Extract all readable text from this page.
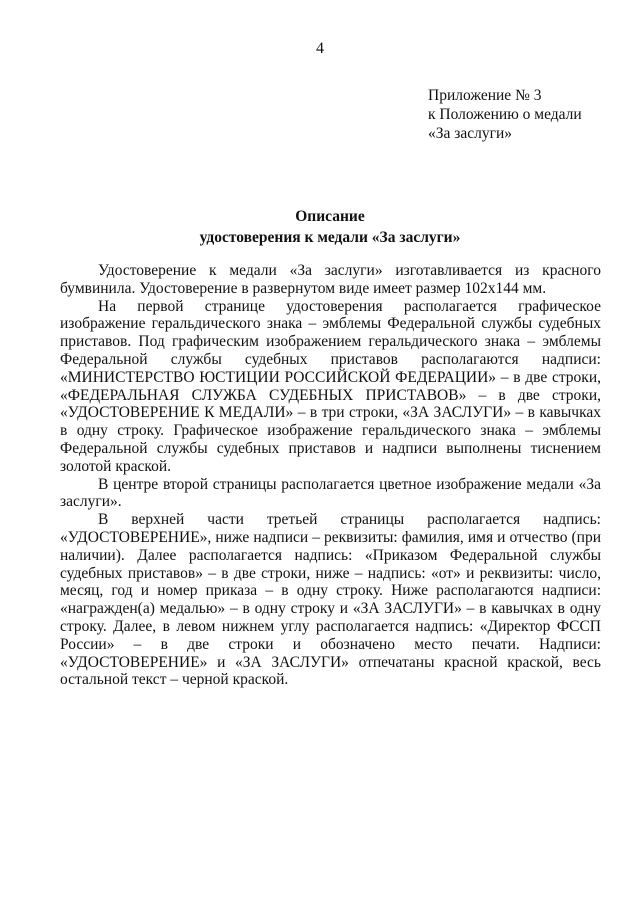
4
Приложение № 3
к Положению о медали
«За заслуги»
Описание
удостоверения к медали «За заслуги»

Удостоверение к медали «За заслуги» изготавливается из красного бумвинила. Удостоверение в развернутом виде имеет размер 102х144 мм.

На первой странице удостоверения располагается графическое изображение геральдического знака – эмблемы Федеральной службы судебных приставов. Под графическим изображением геральдического знака – эмблемы Федеральной службы судебных приставов располагаются надписи: «МИНИСТЕРСТВО ЮСТИЦИИ РОССИЙСКОЙ ФЕДЕРАЦИИ» – в две строки, «ФЕДЕРАЛЬНАЯ СЛУЖБА СУДЕБНЫХ ПРИСТАВОВ» – в две строки, «УДОСТОВЕРЕНИЕ К МЕДАЛИ» – в три строки, «ЗА ЗАСЛУГИ» – в кавычках в одну строку. Графическое изображение геральдического знака – эмблемы Федеральной службы судебных приставов и надписи выполнены тиснением золотой краской.

В центре второй страницы располагается цветное изображение медали «За заслуги».

В верхней части третьей страницы располагается надпись: «УДОСТОВЕРЕНИЕ», ниже надписи – реквизиты: фамилия, имя и отчество (при наличии). Далее располагается надпись: «Приказом Федеральной службы судебных приставов» – в две строки, ниже – надпись: «от» и реквизиты: число, месяц, год и номер приказа – в одну строку. Ниже располагаются надписи: «награжден(а) медалью» – в одну строку и «ЗА ЗАСЛУГИ» – в кавычках в одну строку. Далее, в левом нижнем углу располагается надпись: «Директор ФССП России» – в две строки и обозначено место печати. Надписи: «УДОСТОВЕРЕНИЕ» и «ЗА ЗАСЛУГИ» отпечатаны красной краской, весь остальной текст – черной краской.
